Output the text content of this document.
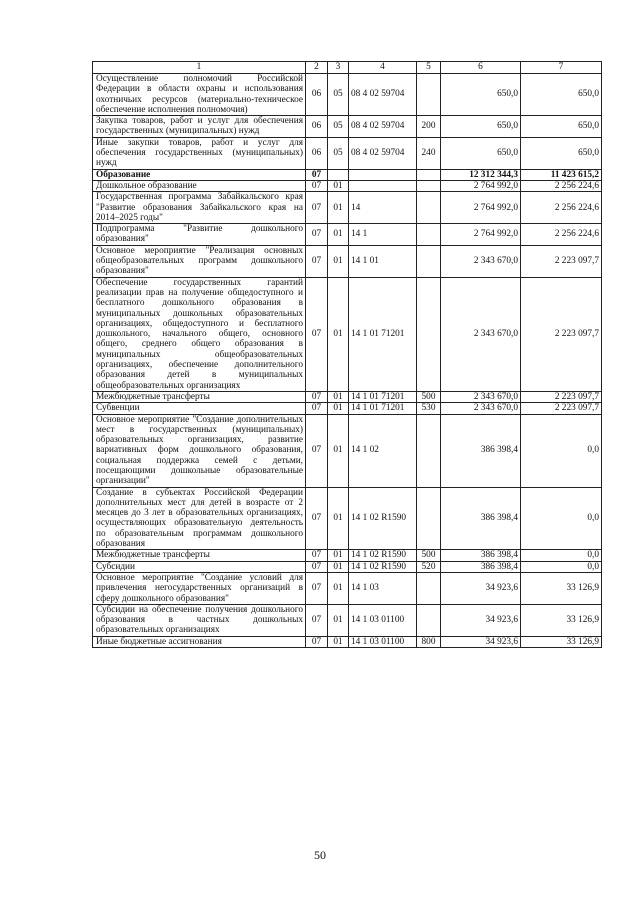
1	2	3	4	5	6	7
Осуществление полномочий Российской Федерации в области охраны и использования охотничьих ресурсов (материально-техническое обеспечение исполнения полномочия)	06	05	08 4 02 59704		650,0	650,0
Закупка товаров, работ и услуг для обеспечения государственных (муниципальных) нужд	06	05	08 4 02 59704	200	650,0	650,0
Иные закупки товаров, работ и услуг для обеспечения государственных (муниципальных) нужд	06	05	08 4 02 59704	240	650,0	650,0
Образование	07				12 312 344,3	11 423 615,2
Дошкольное образование	07	01			2 764 992,0	2 256 224,6
Государственная программа Забайкальского края "Развитие образования Забайкальского края на 2014–2025 годы"	07	01	14		2 764 992,0	2 256 224,6
Подпрограмма "Развитие дошкольного образования"	07	01	14 1		2 764 992,0	2 256 224,6
Основное мероприятие "Реализация основных общеобразовательных программ дошкольного образования"	07	01	14 1 01		2 343 670,0	2 223 097,7
Обеспечение государственных гарантий реализации прав на получение общедоступного и бесплатного дошкольного образования в муниципальных дошкольных образовательных организациях, общедоступного и бесплатного дошкольного, начального общего, основного общего, среднего общего образования в муниципальных общеобразовательных организациях, обеспечение дополнительного образования детей в муниципальных общеобразовательных организациях	07	01	14 1 01 71201		2 343 670,0	2 223 097,7
Межбюджетные трансферты	07	01	14 1 01 71201	500	2 343 670,0	2 223 097,7
Субвенции	07	01	14 1 01 71201	530	2 343 670,0	2 223 097,7
Основное мероприятие "Создание дополнительных мест в государственных (муниципальных) образовательных организациях, развитие вариативных форм дошкольного образования, социальная поддержка семей с детьми, посещающими дошкольные образовательные организации"	07	01	14 1 02		386 398,4	0,0
Создание в субъектах Российской Федерации дополнительных мест для детей в возрасте от 2 месяцев до 3 лет в образовательных организациях, осуществляющих образовательную деятельность по образовательным программам дошкольного образования	07	01	14 1 02 R1590		386 398,4	0,0
Межбюджетные трансферты	07	01	14 1 02 R1590	500	386 398,4	0,0
Субсидии	07	01	14 1 02 R1590	520	386 398,4	0,0
Основное мероприятие "Создание условий для привлечения негосударственных организаций в сферу дошкольного образования"	07	01	14 1 03		34 923,6	33 126,9
Субсидии на обеспечение получения дошкольного образования в частных дошкольных образовательных организациях	07	01	14 1 03 01100		34 923,6	33 126,9
Иные бюджетные ассигнования	07	01	14 1 03 01100	800	34 923,6	33 126,9
50
